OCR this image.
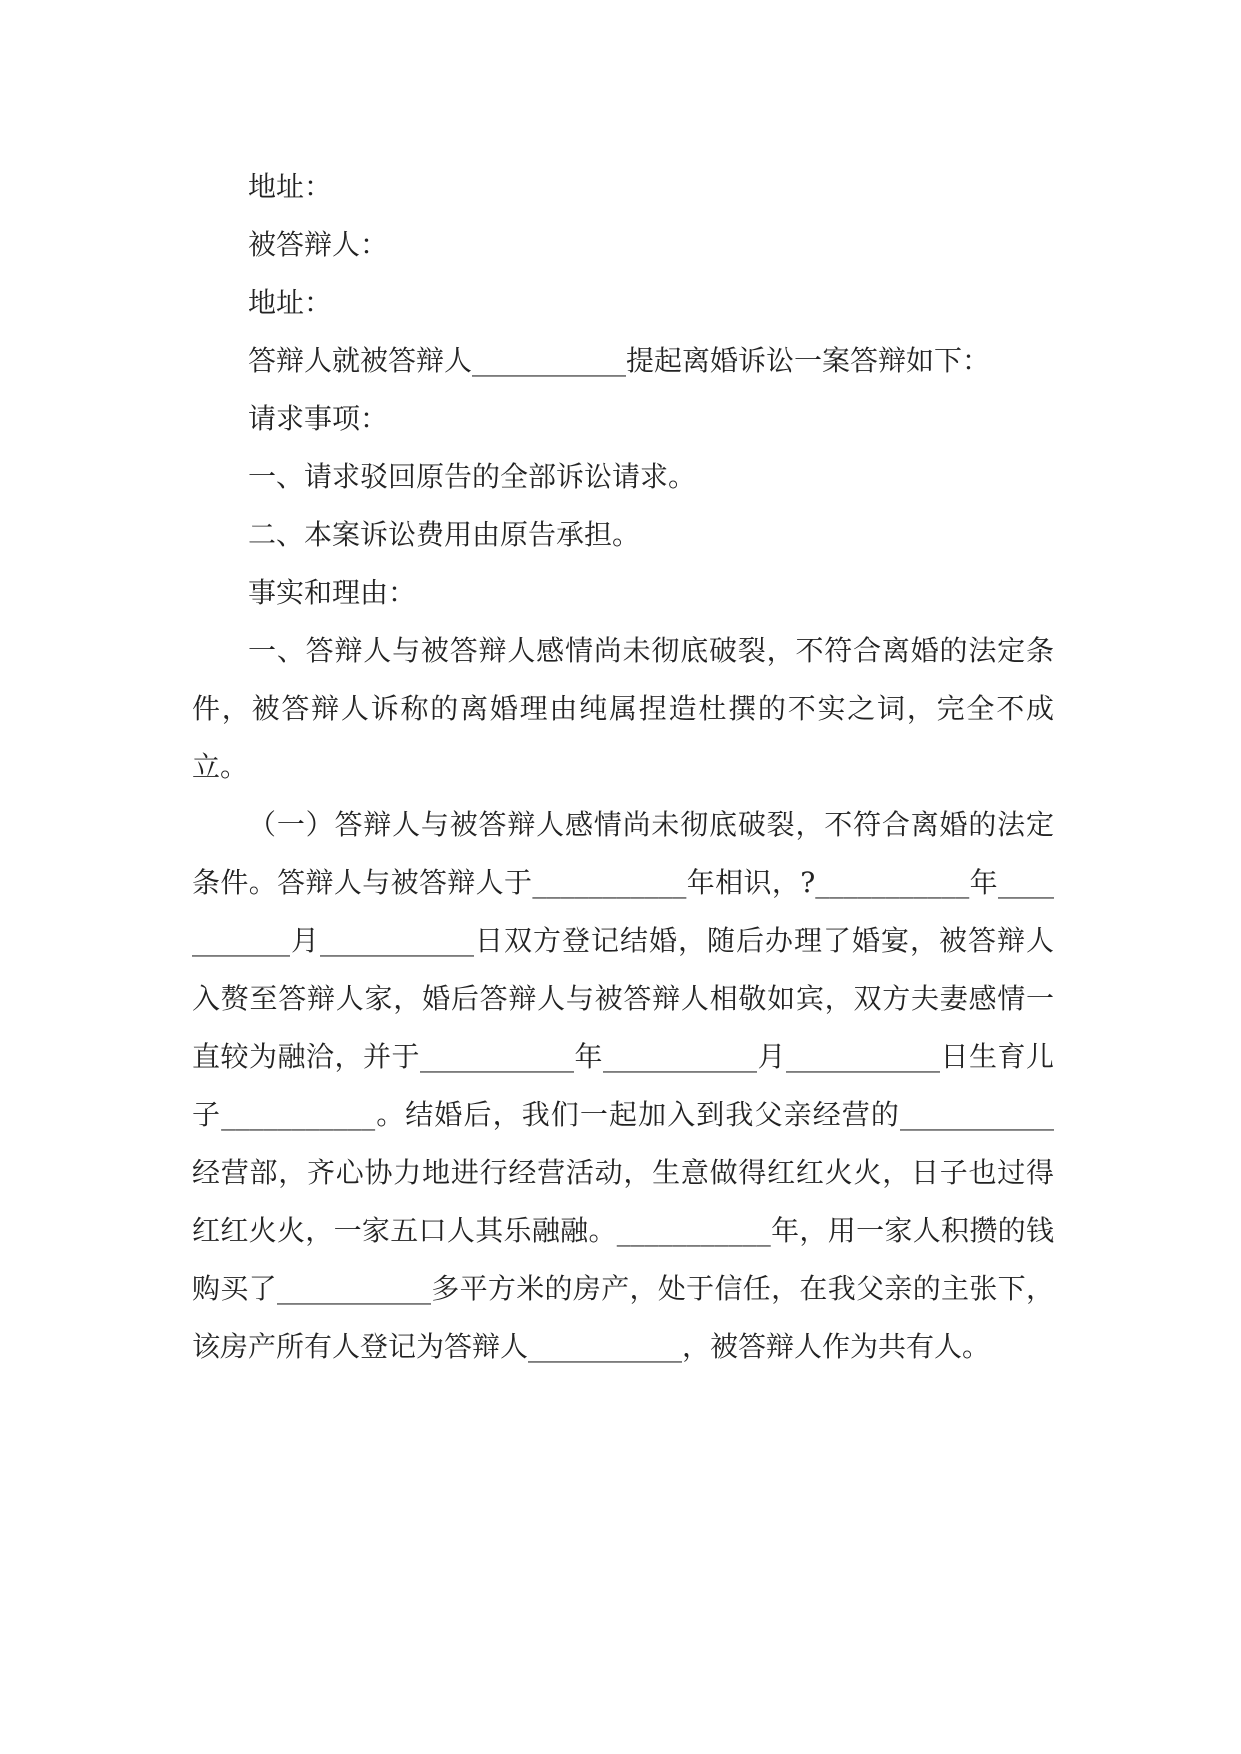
地址：

被答辩人：

地址：

答辩人就被答辩人___________提起离婚诉讼一案答辩如下：

请求事项：

一、请求驳回原告的全部诉讼请求。

二、本案诉讼费用由原告承担。

事实和理由：

一、答辩人与被答辩人感情尚未彻底破裂，不符合离婚的法定条件，被答辩人诉称的离婚理由纯属捏造杜撰的不实之词，完全不成立。

（一）答辩人与被答辩人感情尚未彻底破裂，不符合离婚的法定条件。答辩人与被答辩人于___________年相识，?___________年___________月___________日双方登记结婚，随后办理了婚宴，被答辩人入赘至答辩人家，婚后答辩人与被答辩人相敬如宾，双方夫妻感情一直较为融洽，并于___________年___________月___________日生育儿子___________。结婚后，我们一起加入到我父亲经营的___________经营部，齐心协力地进行经营活动，生意做得红红火火，日子也过得红红火火，一家五口人其乐融融。___________年，用一家人积攒的钱购买了___________多平方米的房产，处于信任，在我父亲的主张下，该房产所有人登记为答辩人___________，被答辩人作为共有人。
